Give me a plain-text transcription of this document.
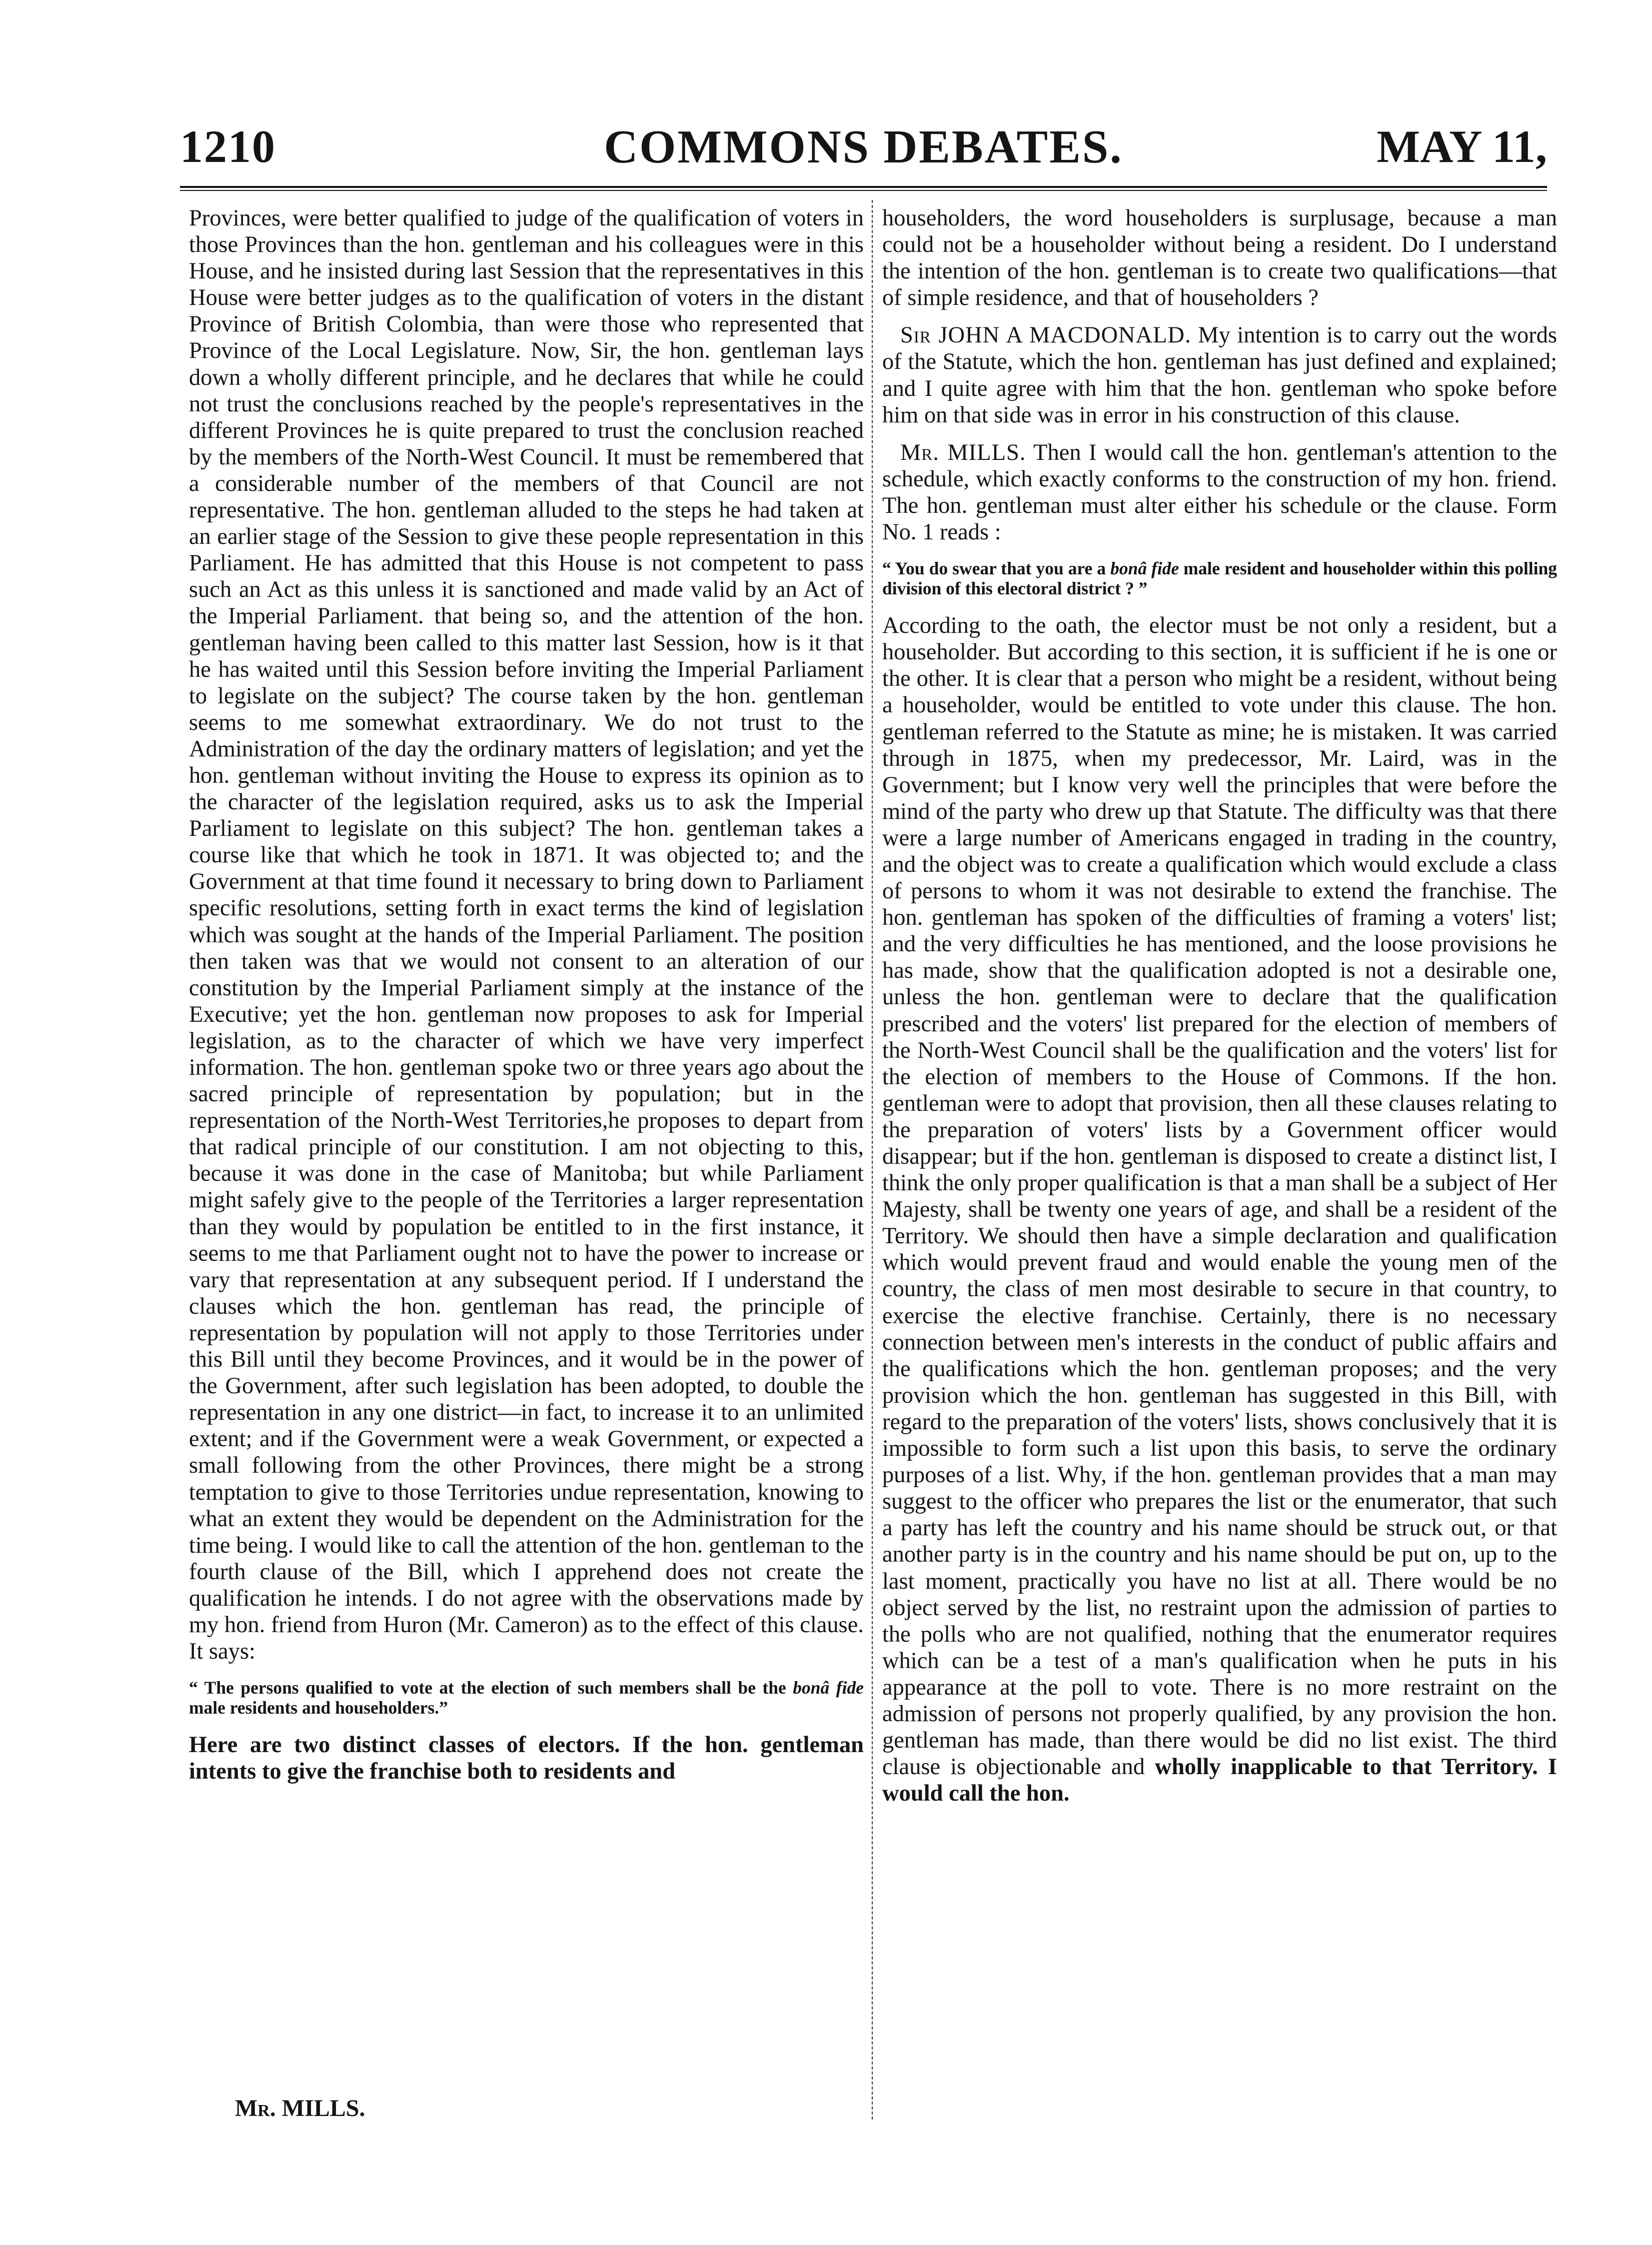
1210	COMMONS DEBATES.	MAY 11,

Provinces, were better qualified to judge of the qualification of voters in those Provinces than the hon. gentleman and his colleagues were in this House, and he insisted during last Session that the representatives in this House were better judges as to the qualification of voters in the distant Province of British Colombia, than were those who represented that Province of the Local Legislature. Now, Sir, the hon. gentleman lays down a wholly different principle, and he declares that while he could not trust the conclusions reached by the people's representatives in the different Provinces he is quite prepared to trust the conclusion reached by the members of the North-West Council. It must be remembered that a considerable number of the members of that Council are not representative. The hon. gentleman alluded to the steps he had taken at an earlier stage of the Session to give these people representation in this Parliament. He has admitted that this House is not competent to pass such an Act as this unless it is sanctioned and made valid by an Act of the Imperial Parliament. that being so, and the attention of the hon. gentleman having been called to this matter last Session, how is it that he has waited until this Session before inviting the Imperial Parliament to legislate on the subject? The course taken by the hon. gentleman seems to me somewhat extraordinary. We do not trust to the Administration of the day the ordinary matters of legislation; and yet the hon. gentleman without inviting the House to express its opinion as to the character of the legislation required, asks us to ask the Imperial Parliament to legislate on this subject? The hon. gentleman takes a course like that which he took in 1871. It was objected to; and the Government at that time found it necessary to bring down to Parliament specific resolutions, setting forth in exact terms the kind of legislation which was sought at the hands of the Imperial Parliament. The position then taken was that we would not consent to an alteration of our constitution by the Imperial Parliament simply at the instance of the Executive; yet the hon. gentleman now proposes to ask for Imperial legislation, as to the character of which we have very imperfect information. The hon. gentleman spoke two or three years ago about the sacred principle of representation by population; but in the representation of the North-West Territories,he proposes to depart from that radical principle of our constitution. I am not objecting to this, because it was done in the case of Manitoba; but while Parliament might safely give to the people of the Territories a larger representation than they would by population be entitled to in the first instance, it seems to me that Parliament ought not to have the power to increase or vary that representation at any subsequent period. If I understand the clauses which the hon. gentleman has read, the principle of representation by population will not apply to those Territories under this Bill until they become Provinces, and it would be in the power of the Government, after such legislation has been adopted, to double the representation in any one district—in fact, to increase it to an unlimited extent; and if the Government were a weak Government, or expected a small following from the other Provinces, there might be a strong temptation to give to those Territories undue representation, knowing to what an extent they would be dependent on the Administration for the time being. I would like to call the attention of the hon. gentleman to the fourth clause of the Bill, which I apprehend does not create the qualification he intends. I do not agree with the observations made by my hon. friend from Huron (Mr. Cameron) as to the effect of this clause. It says:

“ The persons qualified to vote at the election of such members shall be the bonâ fide male residents and householders.”

Here are two distinct classes of electors. If the hon. gentleman intents to give the franchise both to residents and

householders, the word householders is surplusage, because a man could not be a householder without being a resident. Do I understand the intention of the hon. gentleman is to create two qualifications—that of simple residence, and that of householders ?

Sir JOHN A MACDONALD. My intention is to carry out the words of the Statute, which the hon. gentleman has just defined and explained; and I quite agree with him that the hon. gentleman who spoke before him on that side was in error in his construction of this clause.

Mr. MILLS. Then I would call the hon. gentleman's attention to the schedule, which exactly conforms to the construction of my hon. friend. The hon. gentleman must alter either his schedule or the clause. Form No. 1 reads :

“ You do swear that you are a bonâ fide male resident and householder within this polling division of this electoral district ? ”

According to the oath, the elector must be not only a resident, but a householder. But according to this section, it is sufficient if he is one or the other. It is clear that a person who might be a resident, without being a householder, would be entitled to vote under this clause. The hon. gentleman referred to the Statute as mine; he is mistaken. It was carried through in 1875, when my predecessor, Mr. Laird, was in the Government; but I know very well the principles that were before the mind of the party who drew up that Statute. The difficulty was that there were a large number of Americans engaged in trading in the country, and the object was to create a qualification which would exclude a class of persons to whom it was not desirable to extend the franchise. The hon. gentleman has spoken of the difficulties of framing a voters' list; and the very difficulties he has mentioned, and the loose provisions he has made, show that the qualification adopted is not a desirable one, unless the hon. gentleman were to declare that the qualification prescribed and the voters' list prepared for the election of members of the North-West Council shall be the qualification and the voters' list for the election of members to the House of Commons. If the hon. gentleman were to adopt that provision, then all these clauses relating to the preparation of voters' lists by a Government officer would disappear; but if the hon. gentleman is disposed to create a distinct list, I think the only proper qualification is that a man shall be a subject of Her Majesty, shall be twenty one years of age, and shall be a resident of the Territory. We should then have a simple declaration and qualification which would prevent fraud and would enable the young men of the country, the class of men most desirable to secure in that country, to exercise the elective franchise. Certainly, there is no necessary connection between men's interests in the conduct of public affairs and the qualifications which the hon. gentleman proposes; and the very provision which the hon. gentleman has suggested in this Bill, with regard to the preparation of the voters' lists, shows conclusively that it is impossible to form such a list upon this basis, to serve the ordinary purposes of a list. Why, if the hon. gentleman provides that a man may suggest to the officer who prepares the list or the enumerator, that such a party has left the country and his name should be struck out, or that another party is in the country and his name should be put on, up to the last moment, practically you have no list at all. There would be no object served by the list, no restraint upon the admission of parties to the polls who are not qualified, nothing that the enumerator requires which can be a test of a man's qualification when he puts in his appearance at the poll to vote. There is no more restraint on the admission of persons not properly qualified, by any provision the hon. gentleman has made, than there would be did no list exist. The third clause is objectionable and wholly inapplicable to that Territory. I would call the hon.

Mr. MILLS.
